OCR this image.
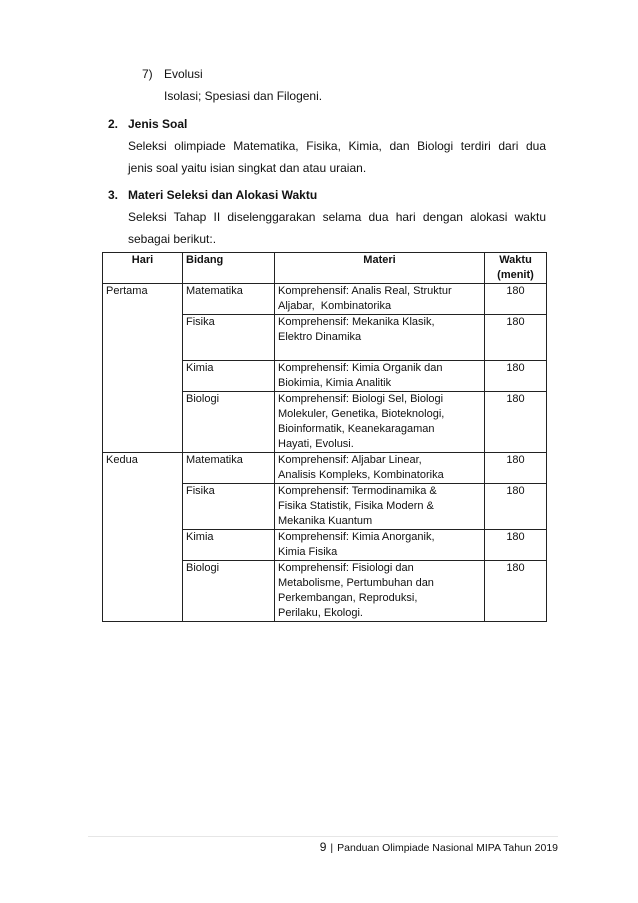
7) Evolusi
Isolasi; Spesiasi dan Filogeni.
2. Jenis Soal
Seleksi olimpiade Matematika, Fisika, Kimia, dan Biologi terdiri dari dua
jenis soal yaitu isian singkat dan atau uraian.
3. Materi Seleksi dan Alokasi Waktu
Seleksi Tahap II diselenggarakan selama dua hari dengan alokasi waktu
sebagai berikut:.
Hari	Bidang	Materi	Waktu
(menit)

Pertama	Matematika	Komprehensif: Analis Real, Struktur
Aljabar,  Kombinatorika	180
	Fisika	Komprehensif: Mekanika Klasik,
Elektro Dinamika	180
	Kimia	Komprehensif: Kimia Organik dan
Biokimia, Kimia Analitik	180
	Biologi	Komprehensif: Biologi Sel, Biologi
Molekuler, Genetika, Bioteknologi,
Bioinformatik, Keanekaragaman
Hayati, Evolusi.	180
Kedua	Matematika	Komprehensif: Aljabar Linear,
Analisis Kompleks, Kombinatorika	180
	Fisika	Komprehensif: Termodinamika &
Fisika Statistik, Fisika Modern &
Mekanika Kuantum	180
	Kimia	Komprehensif: Kimia Anorganik,
Kimia Fisika	180
	Biologi	Komprehensif: Fisiologi dan
Metabolisme, Pertumbuhan dan
Perkembangan, Reproduksi,
Perilaku, Ekologi.	180
9 | Panduan Olimpiade Nasional MIPA Tahun 2019
